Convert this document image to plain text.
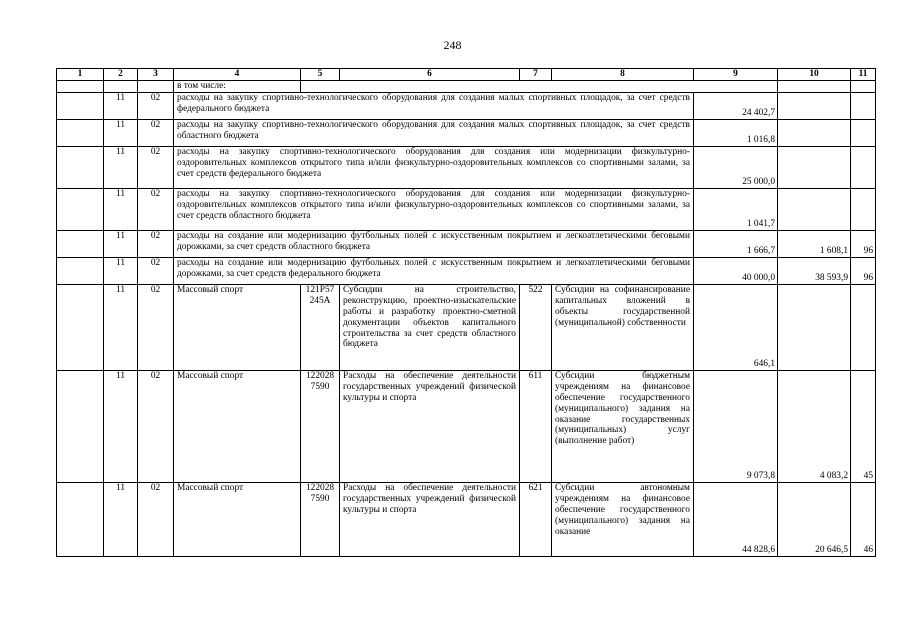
248
1	2	3	4	5	6	7	8	9	10	11
			в том числе:							
	11	02	расходы на закупку спортивно-технологического оборудования для создания малых спортивных площадок, за счет средств федерального бюджета					24 402,7		
	11	02	расходы на закупку спортивно-технологического оборудования для создания малых спортивных площадок, за счет средств областного бюджета					1 016,8		
	11	02	расходы на закупку спортивно-технологического оборудования для создания или модернизации физкультурно-оздоровительных комплексов открытого типа и/или физкультурно-оздоровительных комплексов со спортивными залами, за счет средств федерального бюджета					25 000,0		
	11	02	расходы на закупку спортивно-технологического оборудования для создания или модернизации физкультурно-оздоровительных комплексов открытого типа и/или физкультурно-оздоровительных комплексов со спортивными залами, за счет средств областного бюджета					1 041,7		
	11	02	расходы на создание или модернизацию футбольных полей с искусственным покрытием и легкоатлетическими беговыми дорожками, за счет средств областного бюджета					1 666,7	1 608,1	96
	11	02	расходы на создание или модернизацию футбольных полей с искусственным покрытием и легкоатлетическими беговыми дорожками, за счет средств федерального бюджета					40 000,0	38 593,9	96
	11	02	Массовый спорт	121P57 245A	Субсидии на строительство, реконструкцию, проектно-изыскательские работы и разработку проектно-сметной документации объектов капитального строительства за счет средств областного бюджета	522	Субсидии на софинансирование капитальных вложений в объекты государственной (муниципальной) собственности	646,1		
	11	02	Массовый спорт	122028 7590	Расходы на обеспечение деятельности государственных учреждений физической культуры и спорта	611	Субсидии бюджетным учреждениям на финансовое обеспечение государственного (муниципального) задания на оказание государственных (муниципальных) услуг (выполнение работ)	9 073,8	4 083,2	45
	11	02	Массовый спорт	122028 7590	Расходы на обеспечение деятельности государственных учреждений физической культуры и спорта	621	Субсидии автономным учреждениям на финансовое обеспечение государственного (муниципального) задания на оказание	44 828,6	20 646,5	46
